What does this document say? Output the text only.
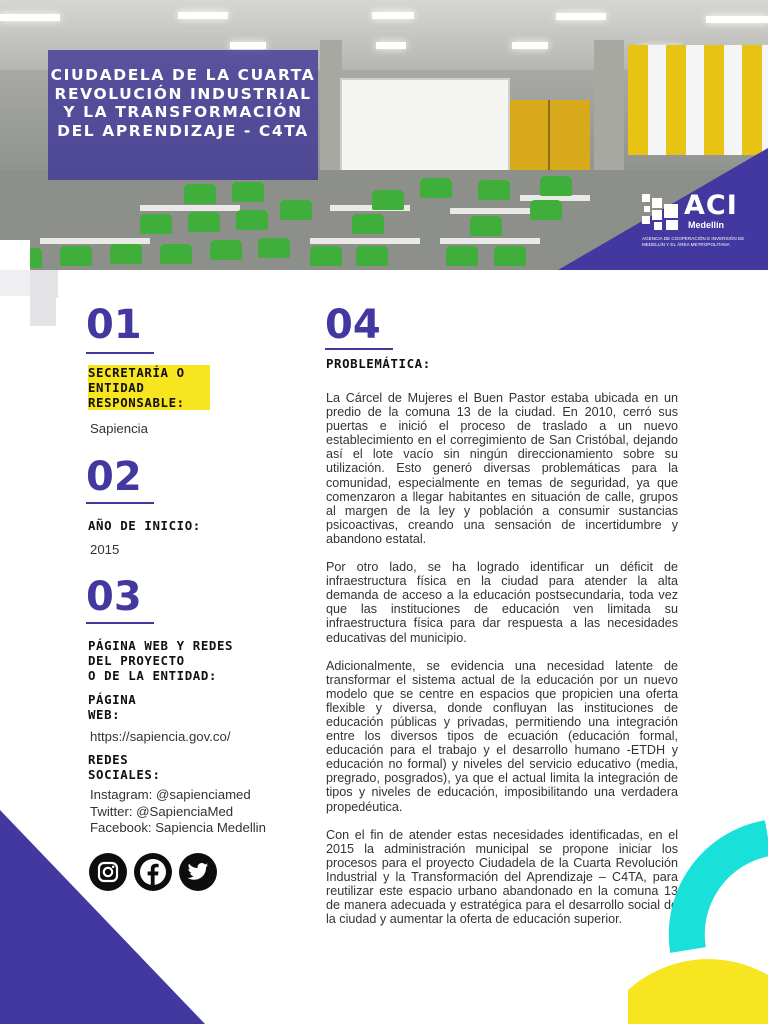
CIUDADELA DE LA CUARTA REVOLUCIÓN INDUSTRIAL Y LA TRANSFORMACIÓN DEL APRENDIZAJE - C4TA
ACI
Medellín
AGENCIA DE COOPERACIÓN E INVERSIÓN DE MEDELLÍN Y EL ÁREA METROPOLITANA
01
SECRETARÍA O ENTIDAD RESPONSABLE:
Sapiencia
02
AÑO DE INICIO:
2015
03
PÁGINA WEB Y REDES
DEL PROYECTO
O DE LA ENTIDAD:
PÁGINA
WEB:
https://sapiencia.gov.co/
REDES
SOCIALES:
Instagram: @sapienciamed
Twitter: @SapienciaMed
Facebook: Sapiencia Medellin
04
PROBLEMÁTICA:

La Cárcel de Mujeres el Buen Pastor estaba ubicada en un predio de la comuna 13 de la ciudad. En 2010, cerró sus puertas e inició el proceso de traslado a un nuevo establecimiento en el corregimiento de San Cristóbal, dejando así el lote vacío sin ningún direccionamiento sobre su utilización. Esto generó diversas problemáticas para la comunidad, especialmente en temas de seguridad, ya que comenzaron a llegar habitantes en situación de calle, grupos al margen de la ley y población a consumir sustancias psicoactivas, creando una sensación de incertidumbre y abandono estatal.

Por otro lado, se ha logrado identificar un déficit de infraestructura física en la ciudad para atender la alta demanda de acceso a la educación postsecundaria, toda vez que las instituciones de educación ven limitada su infraestructura física para dar respuesta a las necesidades educativas del municipio.

Adicionalmente, se evidencia una necesidad latente de transformar el sistema actual de la educación por un nuevo modelo que se centre en espacios que propicien una oferta flexible y diversa, donde confluyan las instituciones de educación públicas y privadas, permitiendo una integración entre los diversos tipos de ecuación (educación formal, educación para el trabajo y el desarrollo humano -ETDH y educación no formal) y niveles del servicio educativo (media, pregrado, posgrados), ya que el actual limita la integración de tipos y niveles de educación, imposibilitando una verdadera propedéutica.

Con el fin de atender estas necesidades identificadas, en el 2015 la administración municipal se propone iniciar los procesos para el proyecto Ciudadela de la Cuarta Revolución Industrial y la Transformación del Aprendizaje – C4TA, para reutilizar este espacio urbano abandonado en la comuna 13 de manera adecuada y estratégica para el desarrollo social de la ciudad y aumentar la oferta de educación superior.
